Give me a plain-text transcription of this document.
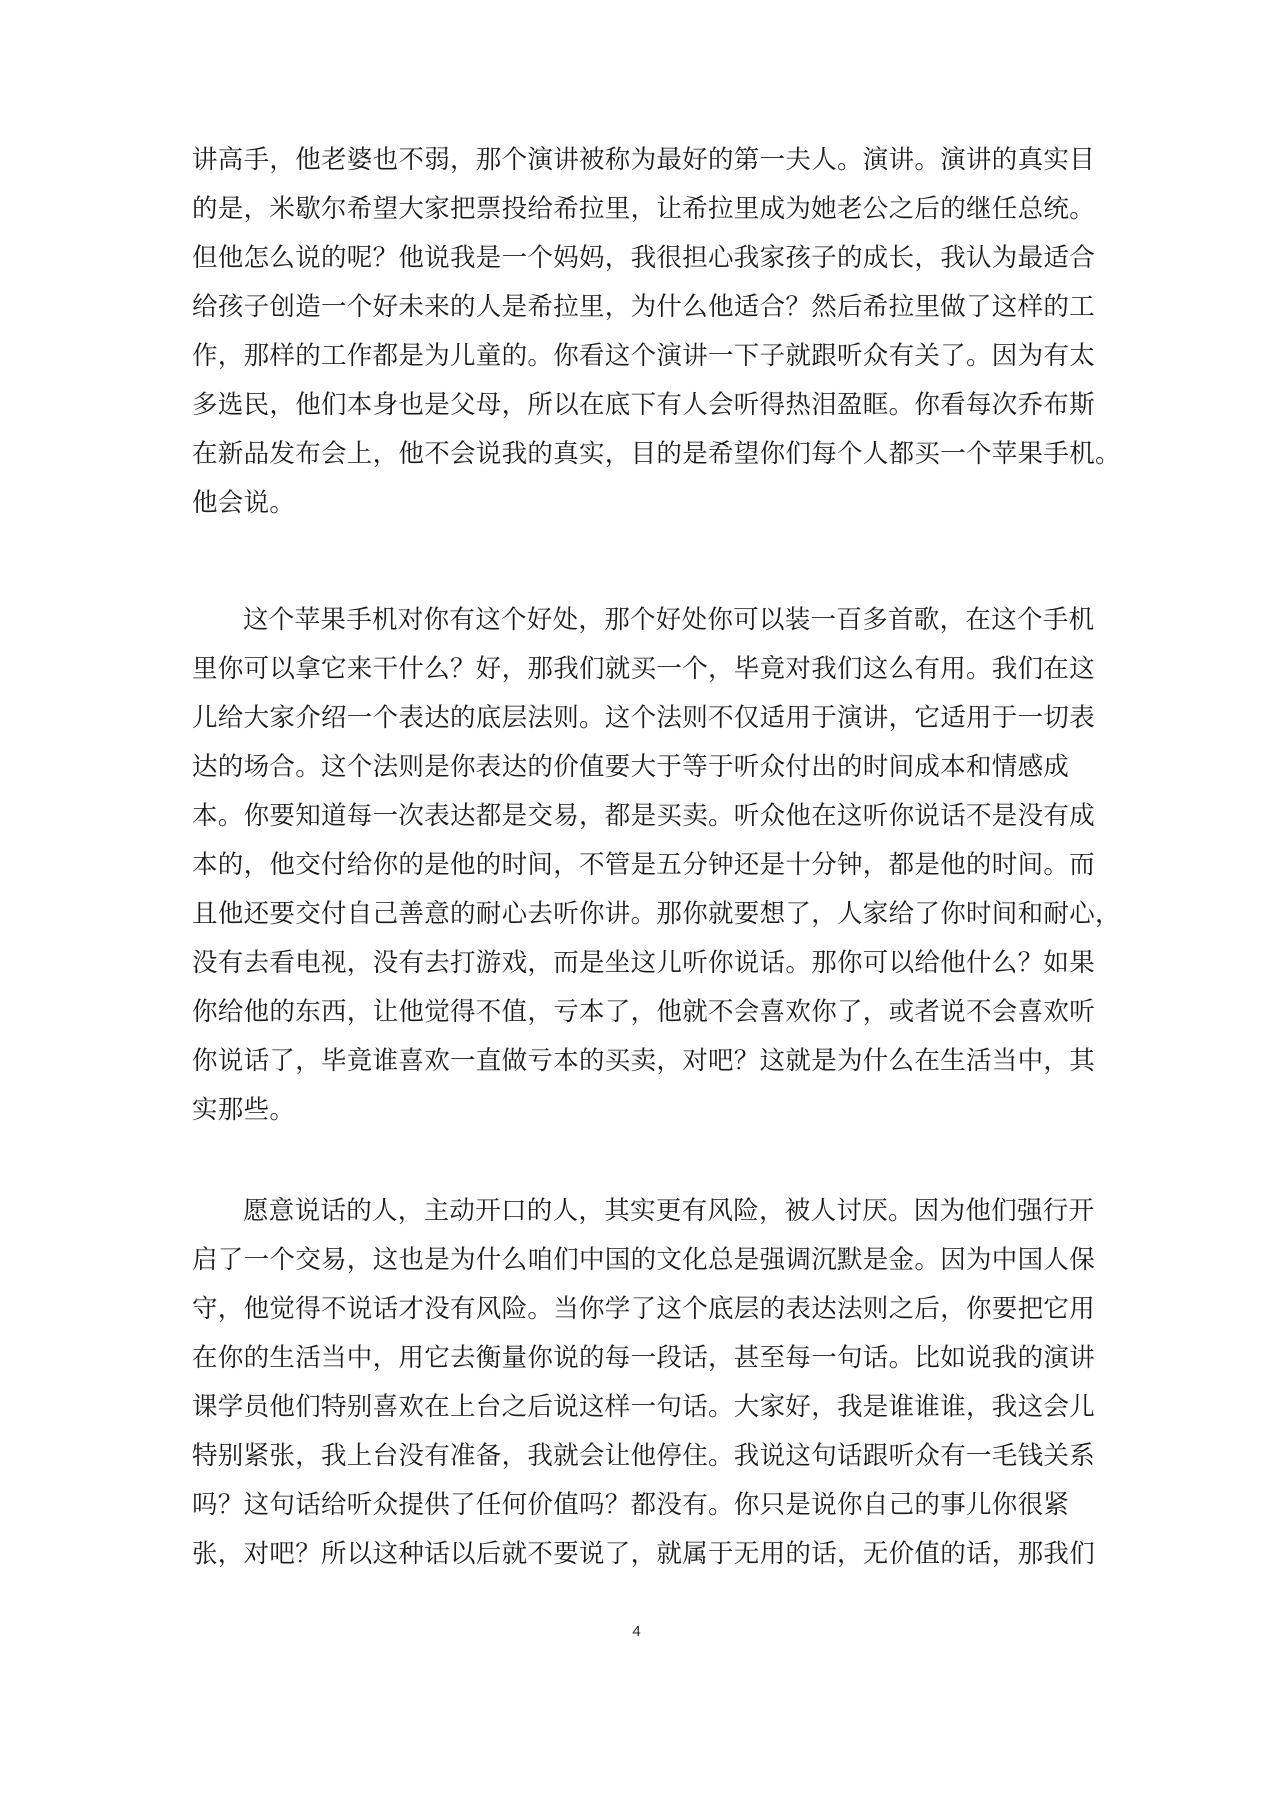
讲高手，他老婆也不弱，那个演讲被称为最好的第一夫人。演讲。演讲的真实目
的是，米歇尔希望大家把票投给希拉里，让希拉里成为她老公之后的继任总统。
但他怎么说的呢？他说我是一个妈妈，我很担心我家孩子的成长，我认为最适合
给孩子创造一个好未来的人是希拉里，为什么他适合？然后希拉里做了这样的工
作，那样的工作都是为儿童的。你看这个演讲一下子就跟听众有关了。因为有太
多选民，他们本身也是父母，所以在底下有人会听得热泪盈眶。你看每次乔布斯
在新品发布会上，他不会说我的真实，目的是希望你们每个人都买一个苹果手机。
他会说。
这个苹果手机对你有这个好处，那个好处你可以装一百多首歌，在这个手机
里你可以拿它来干什么？好，那我们就买一个，毕竟对我们这么有用。我们在这
儿给大家介绍一个表达的底层法则。这个法则不仅适用于演讲，它适用于一切表
达的场合。这个法则是你表达的价值要大于等于听众付出的时间成本和情感成
本。你要知道每一次表达都是交易，都是买卖。听众他在这听你说话不是没有成
本的，他交付给你的是他的时间，不管是五分钟还是十分钟，都是他的时间。而
且他还要交付自己善意的耐心去听你讲。那你就要想了，人家给了你时间和耐心，
没有去看电视，没有去打游戏，而是坐这儿听你说话。那你可以给他什么？如果
你给他的东西，让他觉得不值，亏本了，他就不会喜欢你了，或者说不会喜欢听
你说话了，毕竟谁喜欢一直做亏本的买卖，对吧？这就是为什么在生活当中，其
实那些。
愿意说话的人，主动开口的人，其实更有风险，被人讨厌。因为他们强行开
启了一个交易，这也是为什么咱们中国的文化总是强调沉默是金。因为中国人保
守，他觉得不说话才没有风险。当你学了这个底层的表达法则之后，你要把它用
在你的生活当中，用它去衡量你说的每一段话，甚至每一句话。比如说我的演讲
课学员他们特别喜欢在上台之后说这样一句话。大家好，我是谁谁谁，我这会儿
特别紧张，我上台没有准备，我就会让他停住。我说这句话跟听众有一毛钱关系
吗？这句话给听众提供了任何价值吗？都没有。你只是说你自己的事儿你很紧
张，对吧？所以这种话以后就不要说了，就属于无用的话，无价值的话，那我们
4
